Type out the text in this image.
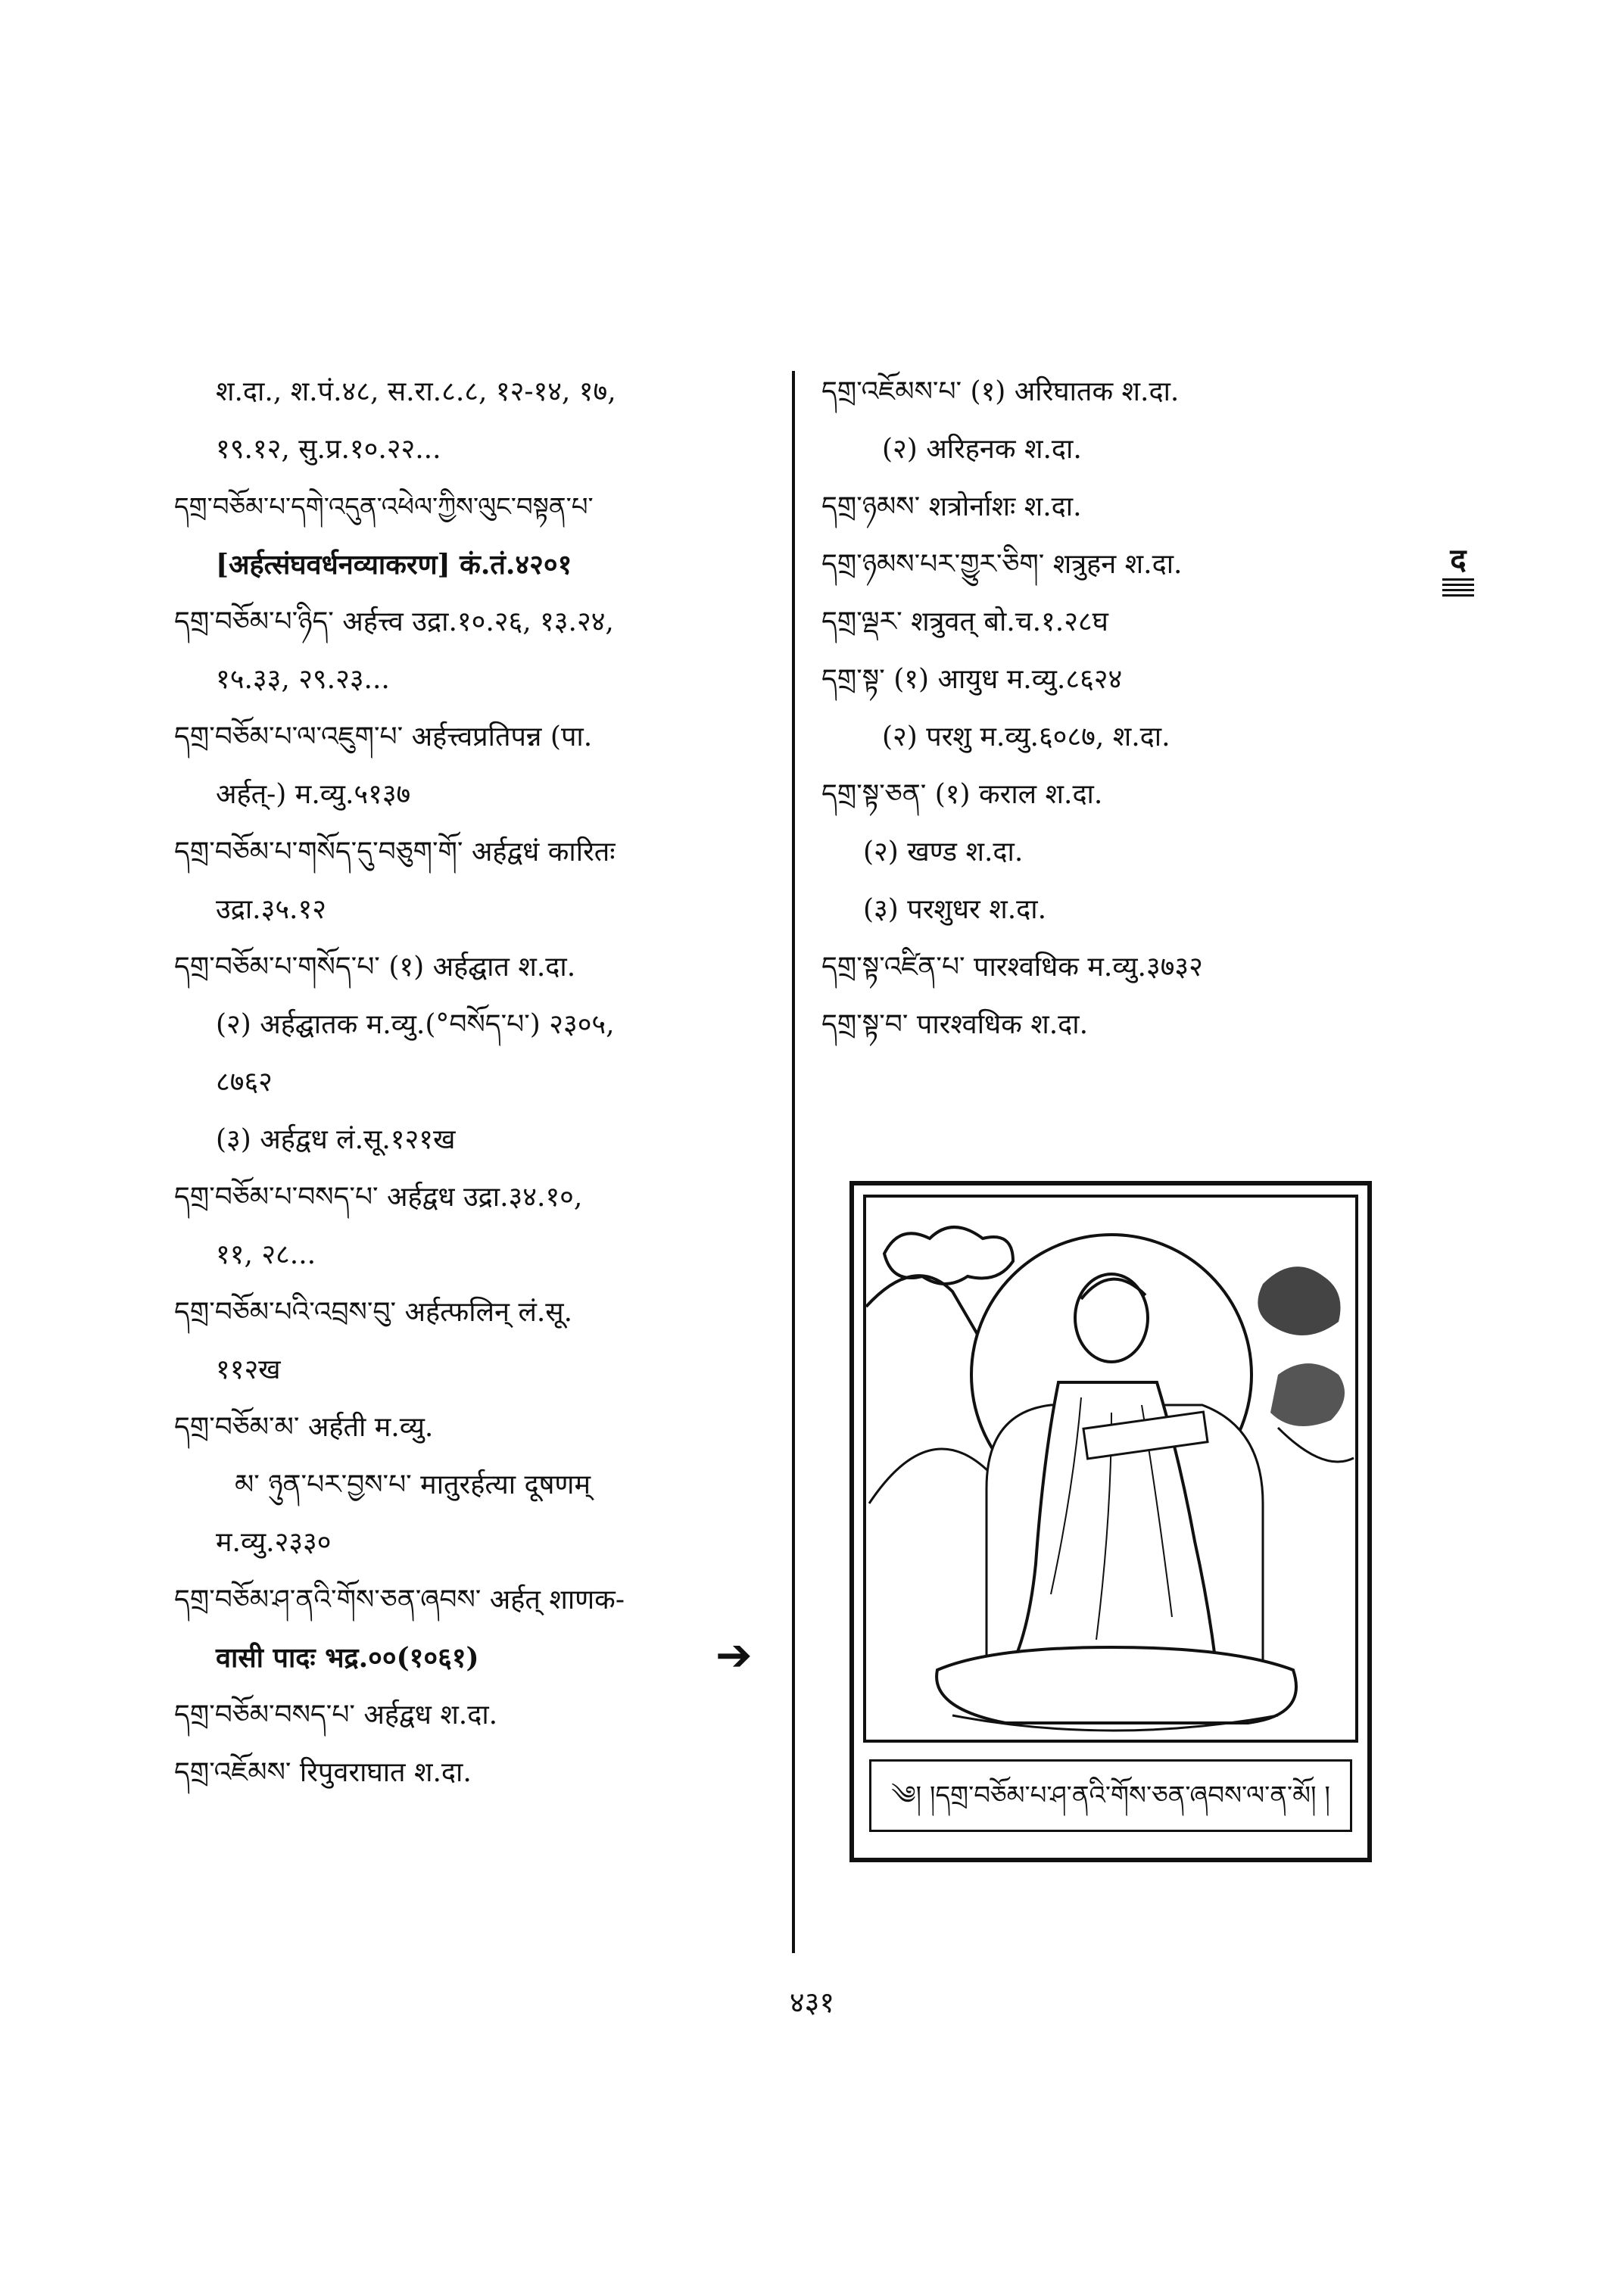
श.दा., श.पं.४८, स.रा.८.८, १२-१४, १७,
१९.१२, सु.प्र.१०.२२...
དགྲ་བཅོམ་པ་དགེ་འདུན་འཕེལ་ཀྱིས་ལུང་བསྟན་པ་
[अर्हत्संघवर्धनव्याकरण] कं.तं.४२०१
དགྲ་བཅོམ་པ་ཉིད་ अर्हत्त्व उद्रा.१०.२६, १३.२४,
१५.३३, २९.२३...
དགྲ་བཅོམ་པ་ལ་འཇུག་པ་ अर्हत्त्वप्रतिपन्न (पा.
अर्हत्-) म.व्यु.५१३७
དགྲ་བཅོམ་པ་གསོད་དུ་བཅུག་གོ་ अर्हद्वधं कारितः
उद्रा.३५.१२
དགྲ་བཅོམ་པ་གསོད་པ་ (१) अर्हद्घात श.दा.
(२) अर्हद्घातक म.व्यु.(°བསོད་པ་) २३०५,
८७६२
(३) अर्हद्वध लं.सू.१२१ख
དགྲ་བཅོམ་པ་བསད་པ་ अर्हद्वध उद्रा.३४.१०,
११, २८...
དགྲ་བཅོམ་པའི་འབྲས་བུ་ अर्हत्फलिन् लं.सू.
११२ख
དགྲ་བཅོམ་མ་ अर्हती म.व्यु.
མ་ ཉུན་པར་བྱས་པ་ मातुरर्हत्या दूषणम्
म.व्यु.२३३०
དགྲ་བཅོམ་ཤ་ནའི་གོས་ཅན་ཞབས་ अर्हत् शाणक-
वासी पादः भद्र.००(१०६१)	➔
དགྲ་བཅོམ་བསད་པ་ अर्हद्वध श.दा.
དགྲ་འཇོམས་ रिपुवराघात श.दा.
དགྲ་འཇོམས་པ་ (१) अरिघातक श.दा.
(२) अरिहनक श.दा.
དགྲ་ཉམས་ शत्रोर्नाशः श.दा.
དགྲ་ཉམས་པར་གྱུར་ཅིག་ शत्रुहन श.दा.
དགྲ་ལྡར་ शत्रुवत् बो.च.१.२८घ
དགྲ་སྟ་ (१) आयुध म.व्यु.८६२४
(२) परशु म.व्यु.६०८७, श.दा.
དགྲ་སྟ་ཅན་ (१) कराल श.दा.
(२) खण्ड श.दा.
(३) परशुधर श.दा.
དགྲ་སྟ་འཛིན་པ་ पारश्वधिक म.व्यु.३७३२
དགྲ་སྟ་བ་ पारश्वधिक श.दा.
द
༄། །དགྲ་བཅོམ་པ་ཤ་ནའི་གོས་ཅན་ཞབས་ལ་ན་མོ། །
४३१
